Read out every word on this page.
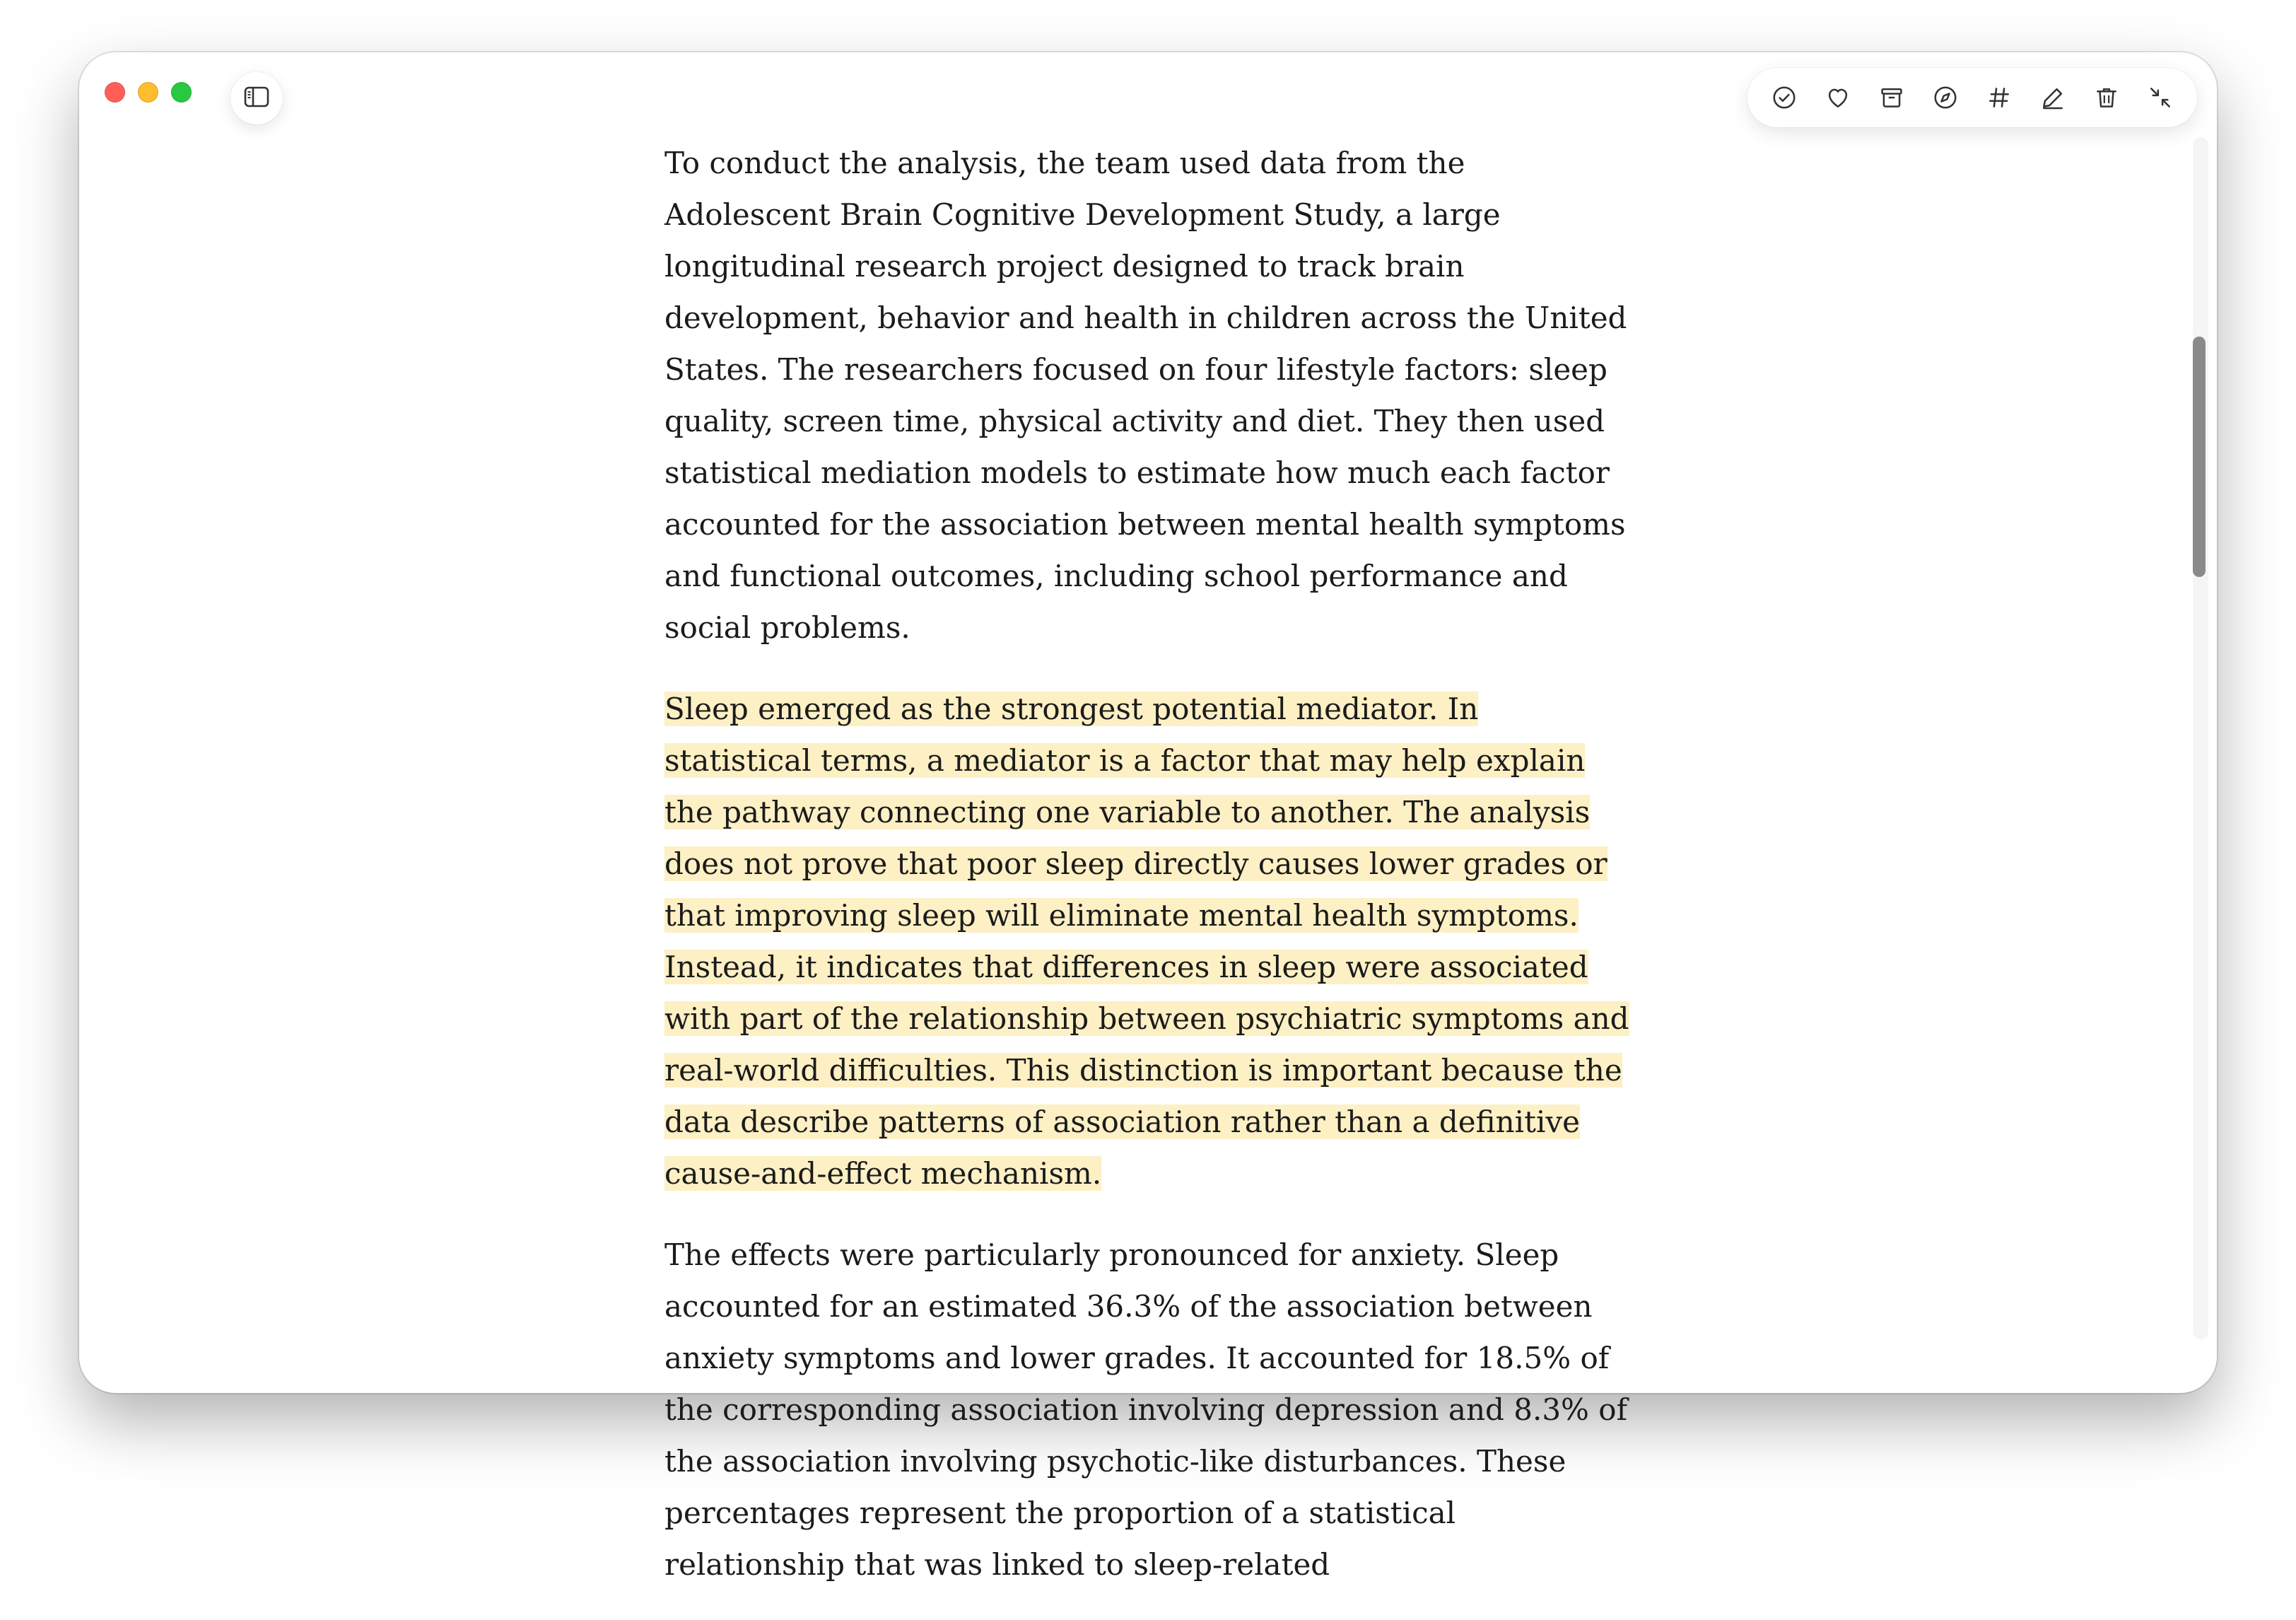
To conduct the analysis, the team used data from the Adolescent Brain Cognitive Development Study, a large longitudinal research project designed to track brain development, behavior and health in children across the United States. The researchers focused on four lifestyle factors: sleep quality, screen time, physical activity and diet. They then used statistical mediation models to estimate how much each factor accounted for the association between mental health symptoms and functional outcomes, including school performance and social problems.

Sleep emerged as the strongest potential mediator. In statistical terms, a mediator is a factor that may help explain the pathway connecting one variable to another. The analysis does not prove that poor sleep directly causes lower grades or that improving sleep will eliminate mental health symptoms. Instead, it indicates that differences in sleep were associated with part of the relationship between psychiatric symptoms and real-world difficulties. This distinction is important because the data describe patterns of association rather than a definitive cause-and-effect mechanism.

The effects were particularly pronounced for anxiety. Sleep accounted for an estimated 36.3% of the association between anxiety symptoms and lower grades. It accounted for 18.5% of the corresponding association involving depression and 8.3% of the association involving psychotic-like disturbances. These percentages represent the proportion of a statistical relationship that was linked to sleep-related
